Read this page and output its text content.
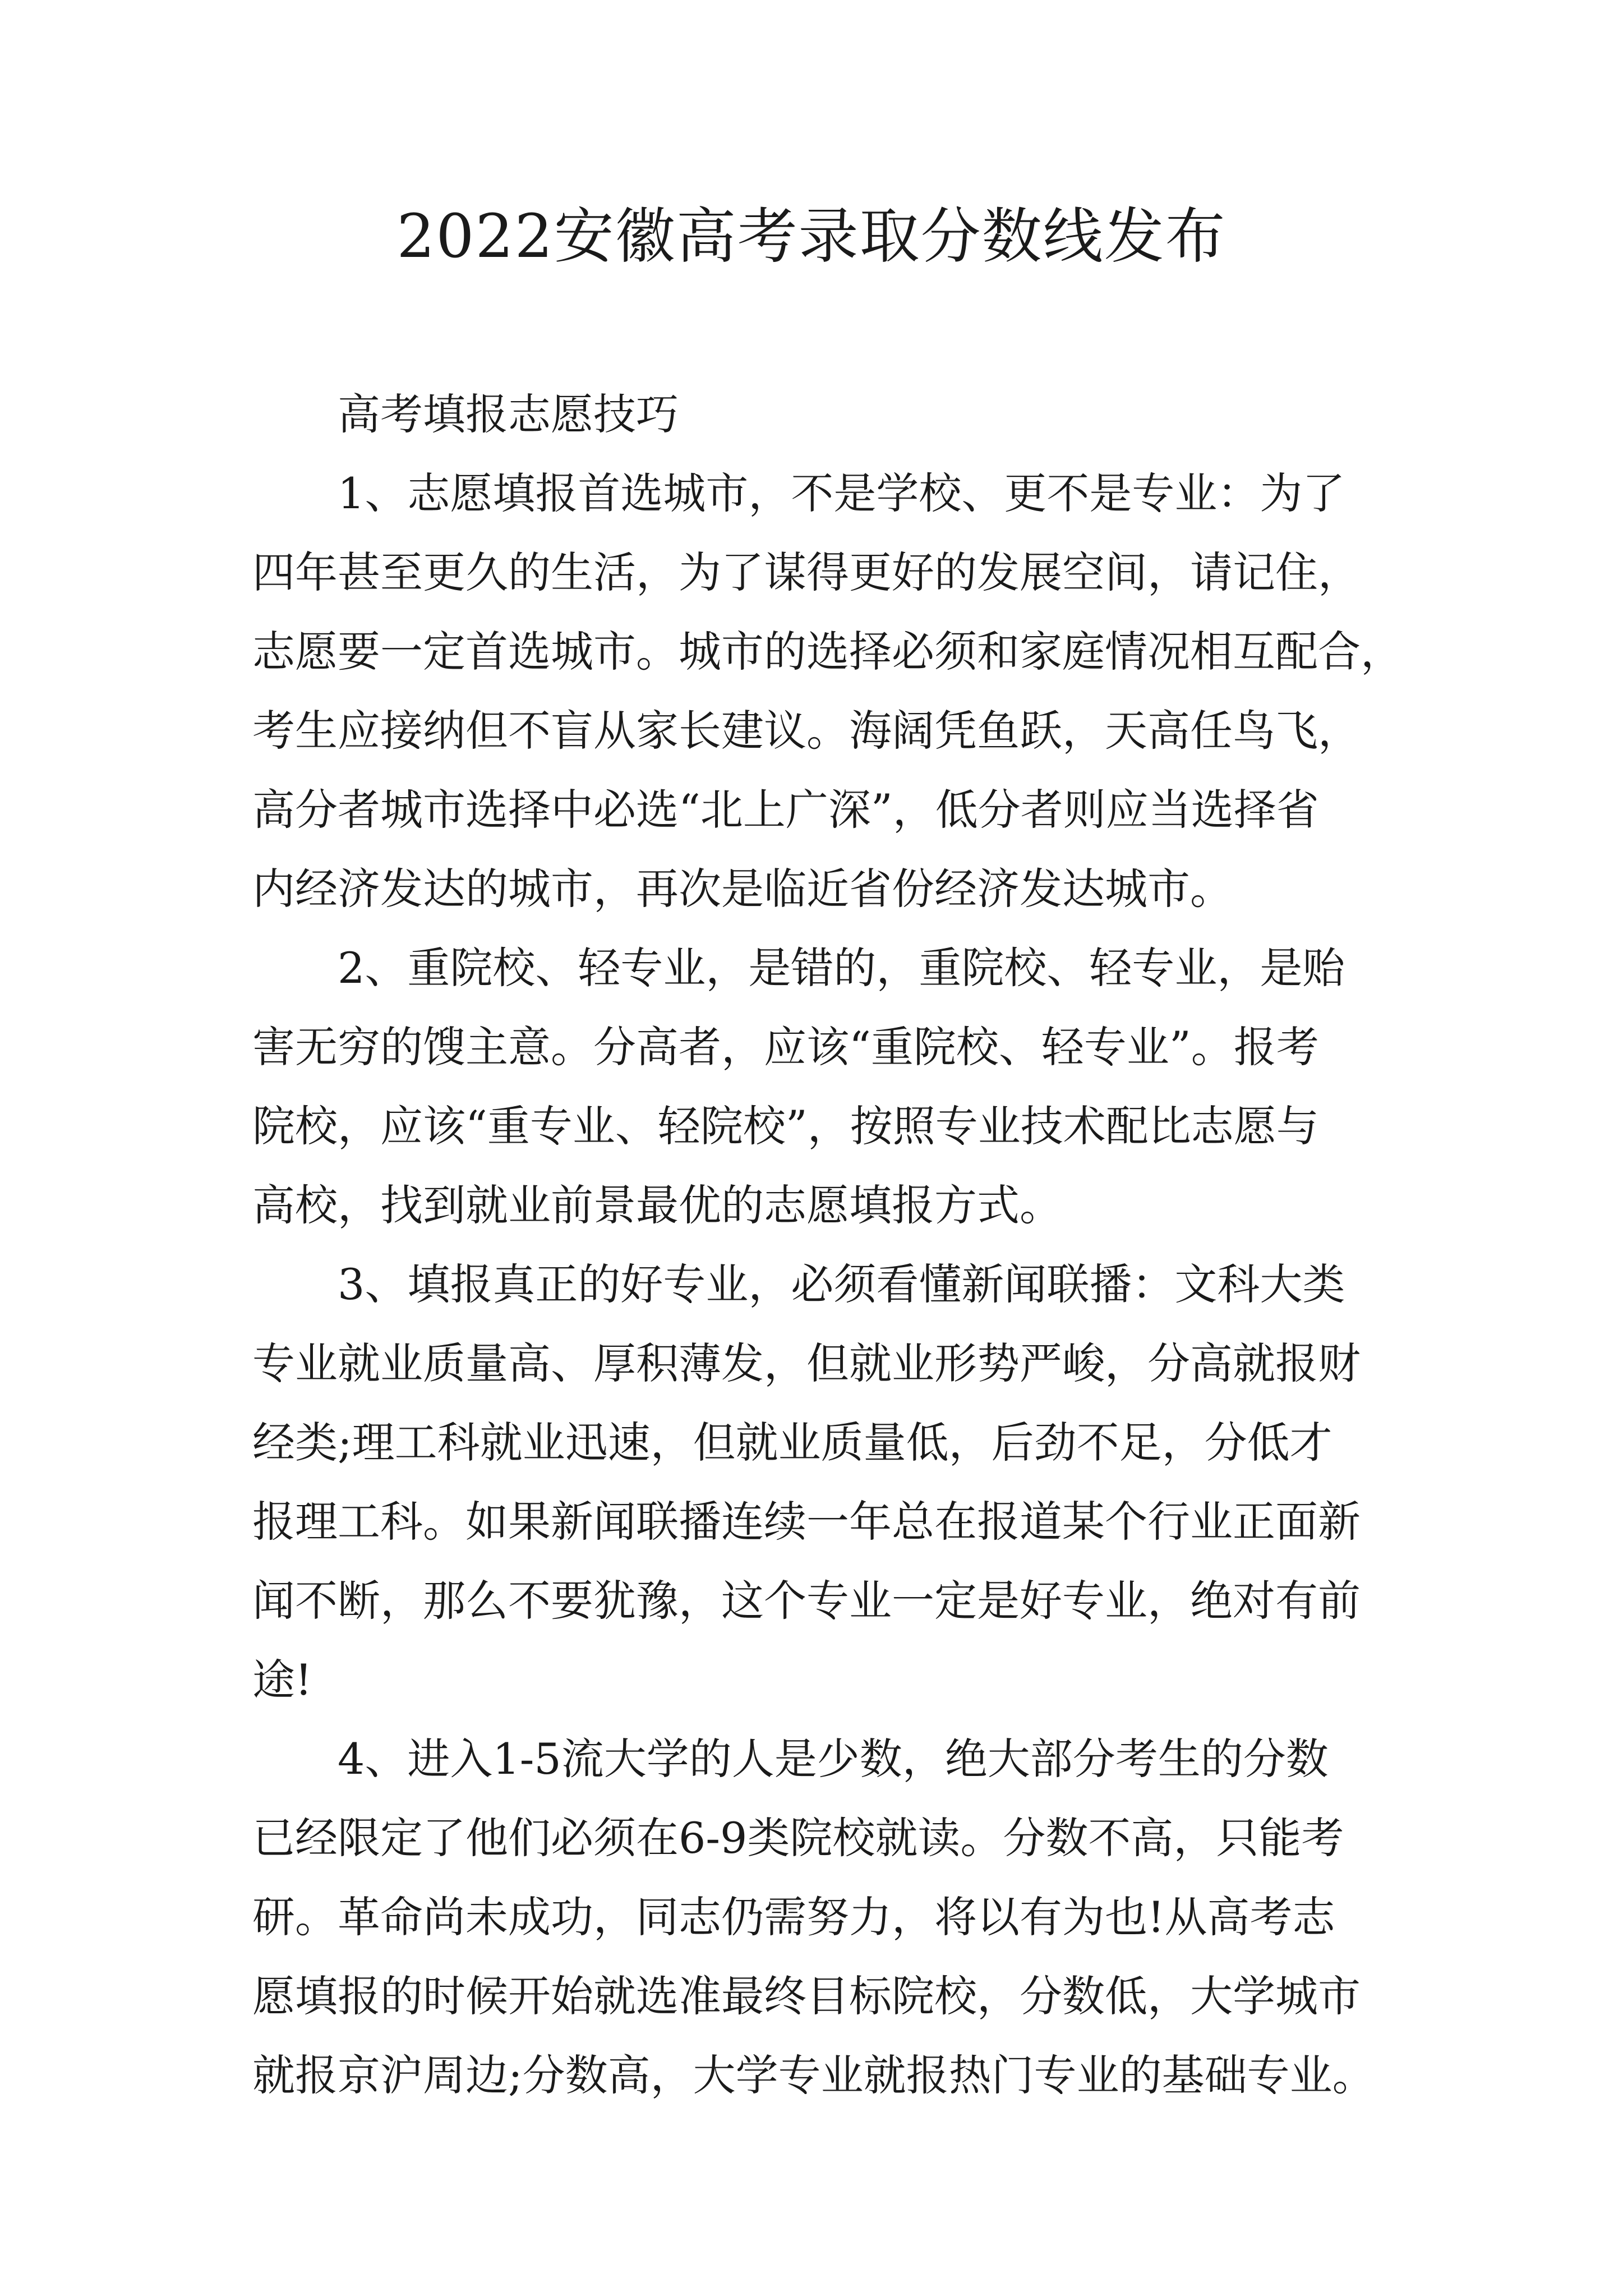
2022安徽高考录取分数线发布
高考填报志愿技巧
1、志愿填报首选城市，不是学校、更不是专业：为了
四年甚至更久的生活，为了谋得更好的发展空间，请记住，
志愿要一定首选城市。城市的选择必须和家庭情况相互配合，
考生应接纳但不盲从家长建议。海阔凭鱼跃，天高任鸟飞，
高分者城市选择中必选“北上广深”，低分者则应当选择省
内经济发达的城市，再次是临近省份经济发达城市。
2、重院校、轻专业，是错的，重院校、轻专业，是贻
害无穷的馊主意。分高者，应该“重院校、轻专业”。报考
院校，应该“重专业、轻院校”，按照专业技术配比志愿与
高校，找到就业前景最优的志愿填报方式。
3、填报真正的好专业，必须看懂新闻联播：文科大类
专业就业质量高、厚积薄发，但就业形势严峻，分高就报财
经类;理工科就业迅速，但就业质量低，后劲不足，分低才
报理工科。如果新闻联播连续一年总在报道某个行业正面新
闻不断，那么不要犹豫，这个专业一定是好专业，绝对有前
途!
4、进入1-5流大学的人是少数，绝大部分考生的分数
已经限定了他们必须在6-9类院校就读。分数不高，只能考
研。革命尚未成功，同志仍需努力，将以有为也!从高考志
愿填报的时候开始就选准最终目标院校，分数低，大学城市
就报京沪周边;分数高，大学专业就报热门专业的基础专业。
